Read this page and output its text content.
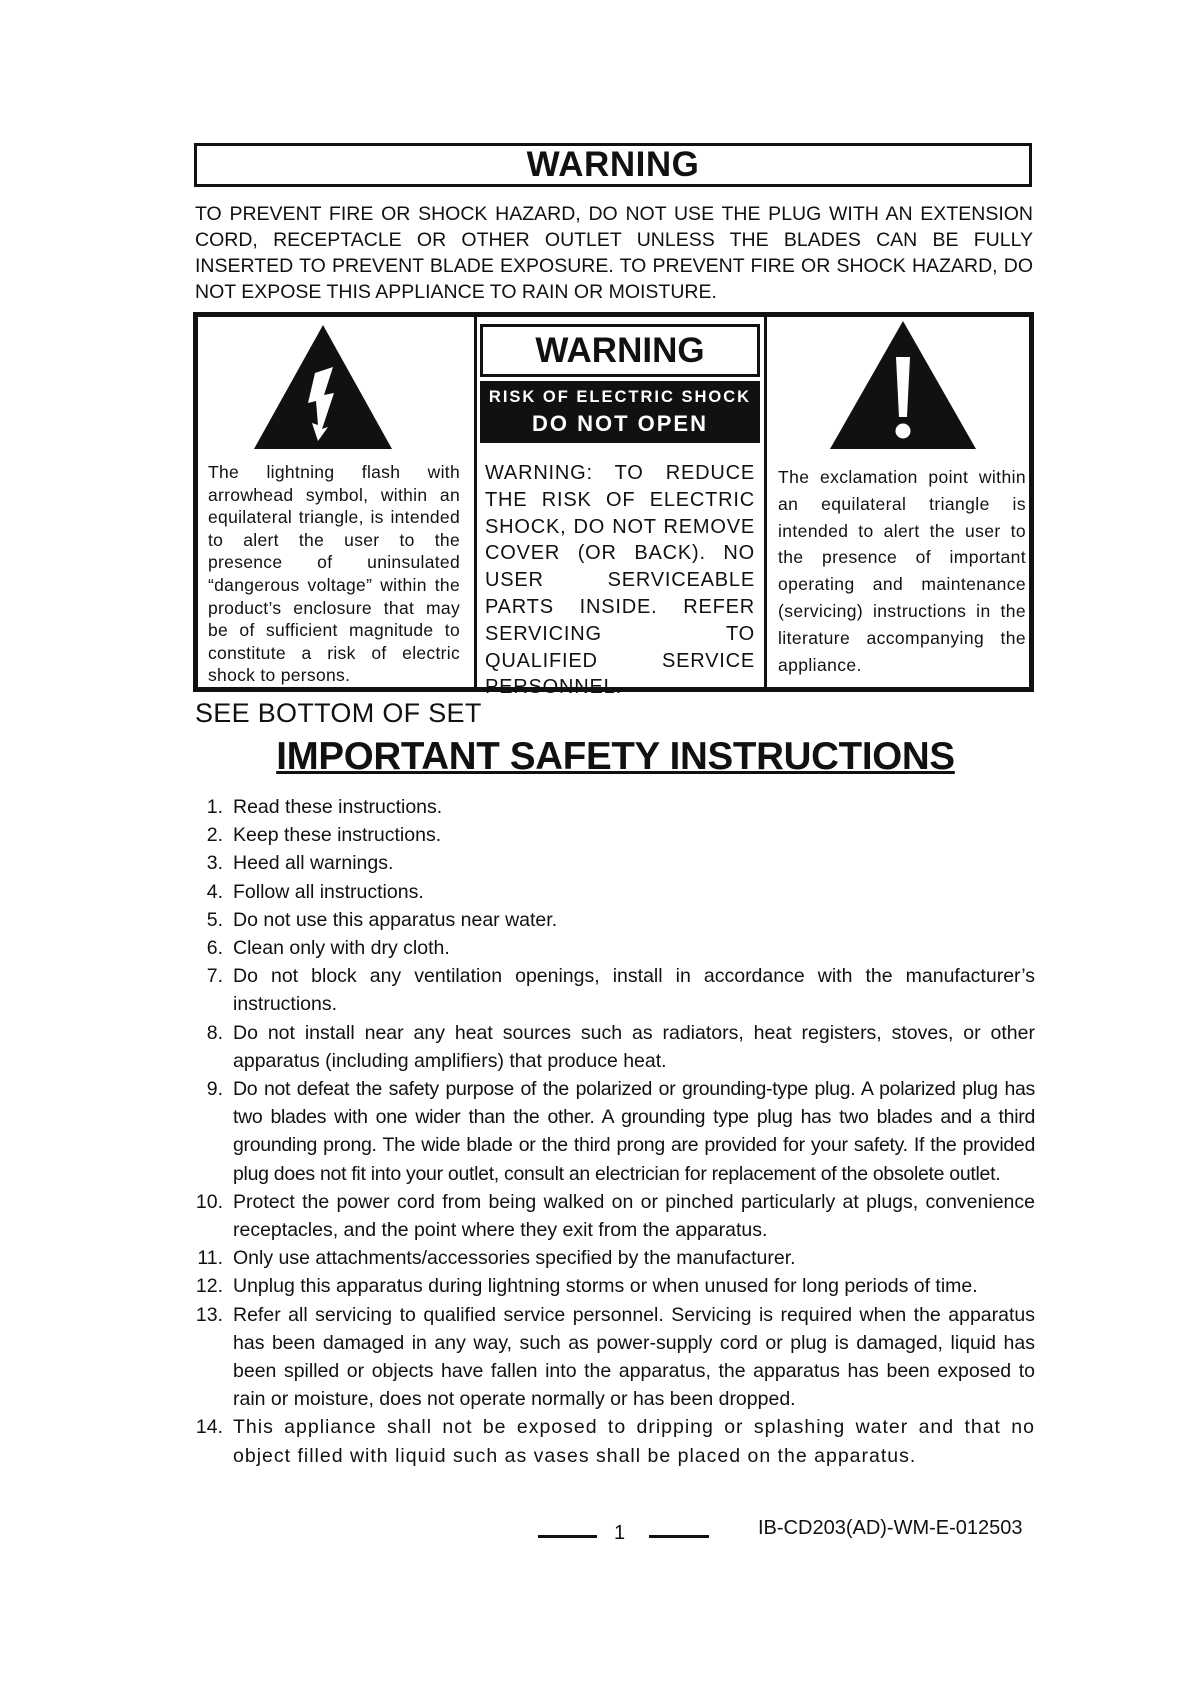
WARNING

TO PREVENT FIRE OR SHOCK HAZARD, DO NOT USE THE PLUG WITH AN EXTENSION CORD, RECEPTACLE OR OTHER OUTLET UNLESS THE BLADES CAN BE FULLY INSERTED TO PREVENT BLADE EXPOSURE. TO PREVENT FIRE OR SHOCK HAZARD, DO NOT EXPOSE THIS APPLIANCE TO RAIN OR MOISTURE.

WARNING
RISK OF ELECTRIC SHOCK
DO NOT OPEN
The lightning flash with arrowhead symbol, within an equilateral triangle, is intended to alert the user to the presence of uninsulated “dangerous voltage” within the product’s enclosure that may be of sufficient magnitude to constitute a risk of electric shock to persons.
WARNING: TO REDUCE THE RISK OF ELECTRIC SHOCK, DO NOT REMOVE COVER (OR BACK). NO USER SERVICEABLE PARTS INSIDE. REFER SERVICING TO QUALIFIED SERVICE PERSONNEL.
The exclamation point within an equilateral triangle is intended to alert the user to the presence of important operating and maintenance (servicing) instructions in the literature accompanying the appliance.
SEE BOTTOM OF SET
IMPORTANT SAFETY INSTRUCTIONS
1. Read these instructions.
2. Keep these instructions.
3. Heed all warnings.
4. Follow all instructions.
5. Do not use this apparatus near water.
6. Clean only with dry cloth.
7. Do not block any ventilation openings, install in accordance with the manufacturer’s instructions.
8. Do not install near any heat sources such as radiators, heat registers, stoves, or other apparatus (including amplifiers) that produce heat.
9. Do not defeat the safety purpose of the polarized or grounding-type plug. A polarized plug has two blades with one wider than the other. A grounding type plug has two blades and a third grounding prong. The wide blade or the third prong are provided for your safety. If the provided plug does not fit into your outlet, consult an electrician for replacement of the obsolete outlet.
10. Protect the power cord from being walked on or pinched particularly at plugs, convenience receptacles, and the point where they exit from the apparatus.
11. Only use attachments/accessories specified by the manufacturer.
12. Unplug this apparatus during lightning storms or when unused for long periods of time.
13. Refer all servicing to qualified service personnel. Servicing is required when the apparatus has been damaged in any way, such as power-supply cord or plug is damaged, liquid has been spilled or objects have fallen into the apparatus, the apparatus has been exposed to rain or moisture, does not operate normally or has been dropped.
14. This appliance shall not be exposed to dripping or splashing water and that no object filled with liquid such as vases shall be placed on the apparatus.
1	IB-CD203(AD)-WM-E-012503
